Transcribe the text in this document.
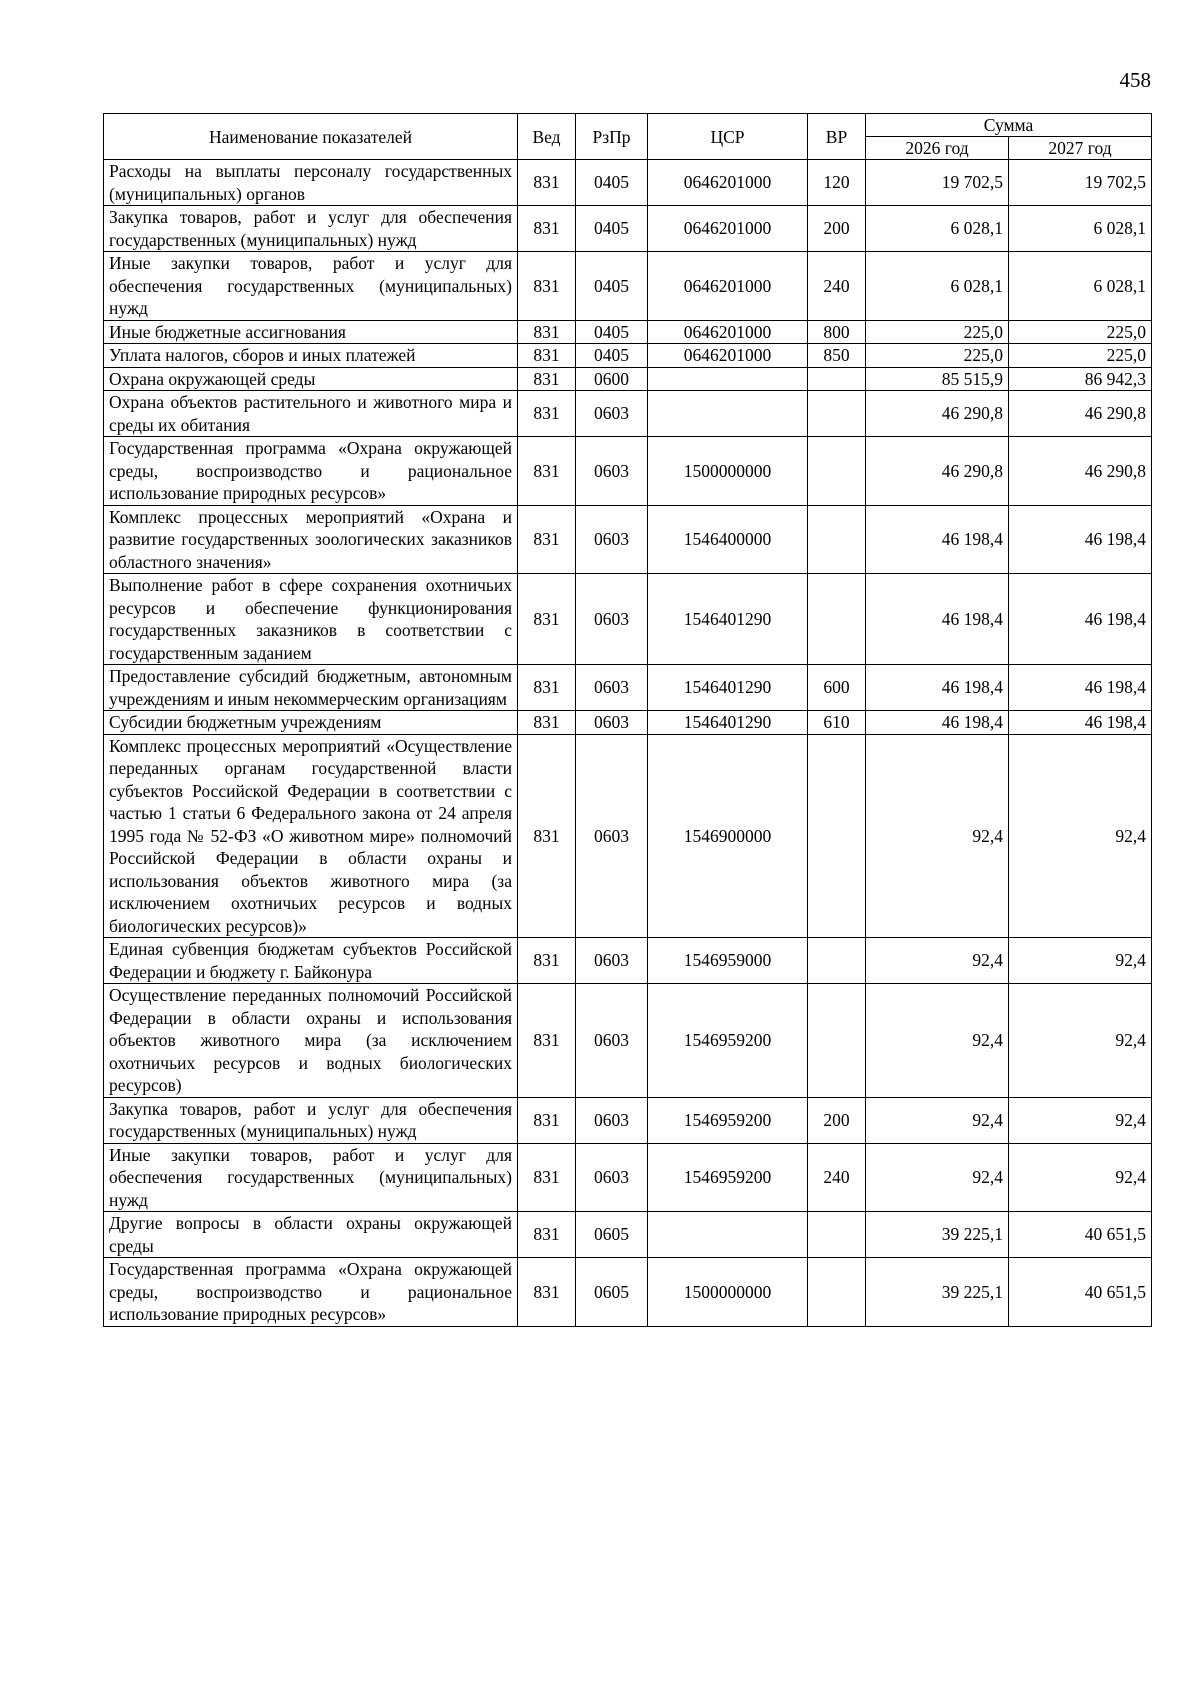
458
Наименование показателей	Вед	РзПр	ЦСР	ВР	Сумма	
					2026 год	2027 год
Расходы на выплаты персоналу государственных (муниципальных) органов	831	0405	0646201000	120	19 702,5	19 702,5
Закупка товаров, работ и услуг для обеспечения государственных (муниципальных) нужд	831	0405	0646201000	200	6 028,1	6 028,1
Иные закупки товаров, работ и услуг для обеспечения государственных (муниципальных) нужд	831	0405	0646201000	240	6 028,1	6 028,1
Иные бюджетные ассигнования	831	0405	0646201000	800	225,0	225,0
Уплата налогов, сборов и иных платежей	831	0405	0646201000	850	225,0	225,0
Охрана окружающей среды	831	0600			85 515,9	86 942,3
Охрана объектов растительного и животного мира и среды их обитания	831	0603			46 290,8	46 290,8
Государственная программа «Охрана окружающей среды, воспроизводство и рациональное использование природных ресурсов»	831	0603	1500000000		46 290,8	46 290,8
Комплекс процессных мероприятий «Охрана и развитие государственных зоологических заказников областного значения»	831	0603	1546400000		46 198,4	46 198,4
Выполнение работ в сфере сохранения охотничьих ресурсов и обеспечение функционирования государственных заказников в соответствии с государственным заданием	831	0603	1546401290		46 198,4	46 198,4
Предоставление субсидий бюджетным, автономным учреждениям и иным некоммерческим организациям	831	0603	1546401290	600	46 198,4	46 198,4
Субсидии бюджетным учреждениям	831	0603	1546401290	610	46 198,4	46 198,4
Комплекс процессных мероприятий «Осуществление переданных органам государственной власти субъектов Российской Федерации в соответствии с частью 1 статьи 6 Федерального закона от 24 апреля 1995 года № 52-ФЗ «О животном мире» полномочий Российской Федерации в области охраны и использования объектов животного мира (за исключением охотничьих ресурсов и водных биологических ресурсов)»	831	0603	1546900000		92,4	92,4
Единая субвенция бюджетам субъектов Российской Федерации и бюджету г. Байконура	831	0603	1546959000		92,4	92,4
Осуществление переданных полномочий Российской Федерации в области охраны и использования объектов животного мира (за исключением охотничьих ресурсов и водных биологических ресурсов)	831	0603	1546959200		92,4	92,4
Закупка товаров, работ и услуг для обеспечения государственных (муниципальных) нужд	831	0603	1546959200	200	92,4	92,4
Иные закупки товаров, работ и услуг для обеспечения государственных (муниципальных) нужд	831	0603	1546959200	240	92,4	92,4
Другие вопросы в области охраны окружающей среды	831	0605			39 225,1	40 651,5
Государственная программа «Охрана окружающей среды, воспроизводство и рациональное использование природных ресурсов»	831	0605	1500000000		39 225,1	40 651,5
